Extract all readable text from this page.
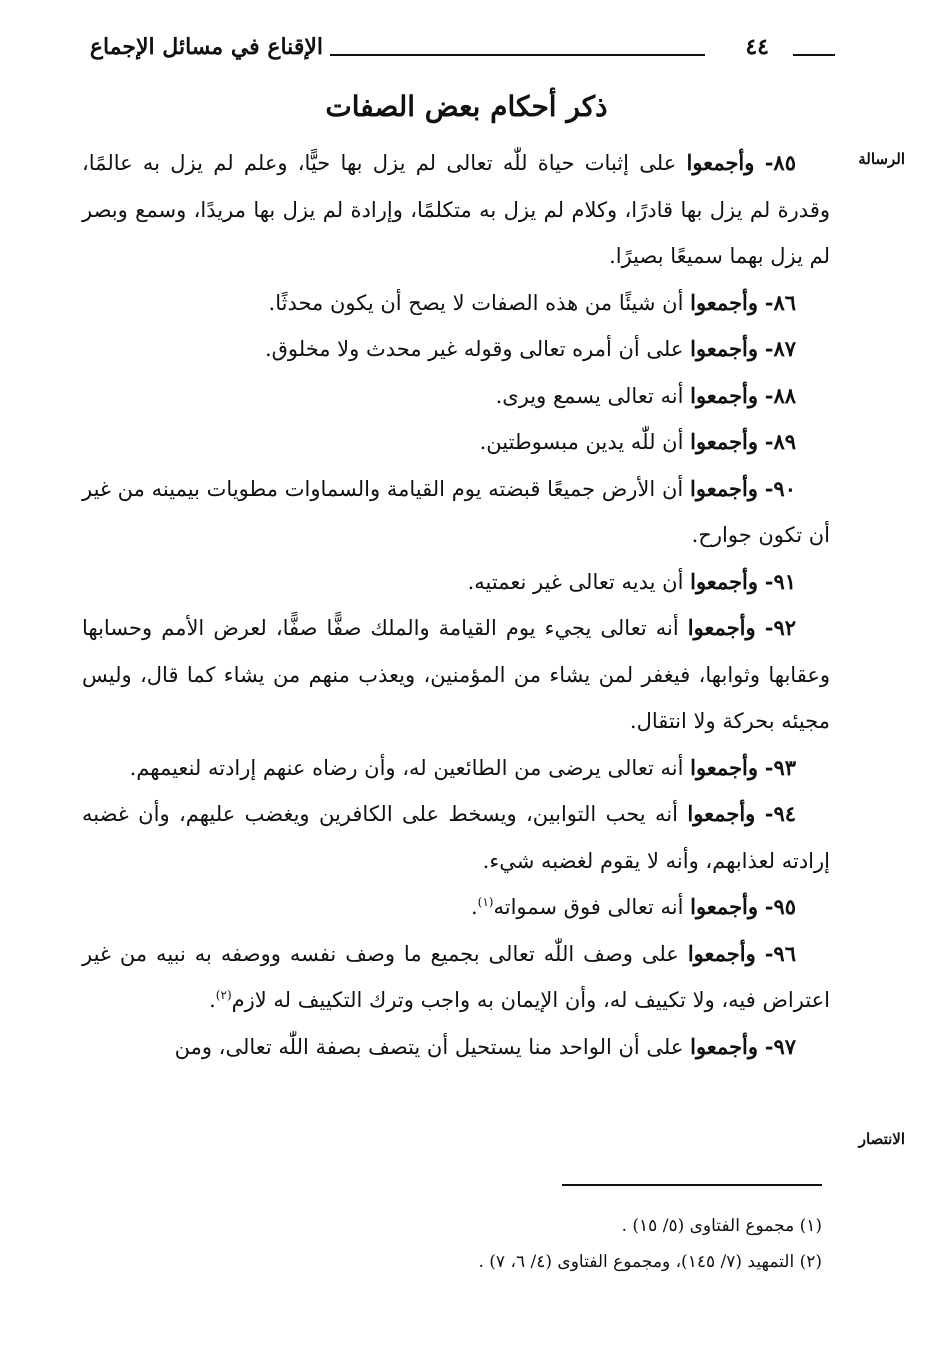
الإقناع في مسائل الإجماع	٤٤
ذكر أحكام بعض الصفات
الرسالة
الانتصار

٨٥- وأجمعوا على إثبات حياة للّٰه تعالى لم يزل بها حيًّا، وعلم لم يزل به عالمًا، وقدرة لم يزل بها قادرًا، وكلام لم يزل به متكلمًا، وإرادة لم يزل بها مريدًا، وسمع وبصر لم يزل بهما سميعًا بصيرًا.

٨٦- وأجمعوا أن شيئًا من هذه الصفات لا يصح أن يكون محدثًا.

٨٧- وأجمعوا على أن أمره تعالى وقوله غير محدث ولا مخلوق.

٨٨- وأجمعوا أنه تعالى يسمع ويرى.

٨٩- وأجمعوا أن للّٰه يدين مبسوطتين.

٩٠- وأجمعوا أن الأرض جميعًا قبضته يوم القيامة والسماوات مطويات بيمينه من غير أن تكون جوارح.

٩١- وأجمعوا أن يديه تعالى غير نعمتيه.

٩٢- وأجمعوا أنه تعالى يجيء يوم القيامة والملك صفًّا صفًّا، لعرض الأمم وحسابها وعقابها وثوابها، فيغفر لمن يشاء من المؤمنين، ويعذب منهم من يشاء كما قال، وليس مجيئه بحركة ولا انتقال.

٩٣- وأجمعوا أنه تعالى يرضى من الطائعين له، وأن رضاه عنهم إرادته لنعيمهم.

٩٤- وأجمعوا أنه يحب التوابين، ويسخط على الكافرين ويغضب عليهم، وأن غضبه إرادته لعذابهم، وأنه لا يقوم لغضبه شيء.

٩٥- وأجمعوا أنه تعالى فوق سمواته$^{(١)}$.

٩٦- وأجمعوا على وصف اللّٰه تعالى بجميع ما وصف نفسه ووصفه به نبيه من غير اعتراض فيه، ولا تكييف له، وأن الإيمان به واجب وترك التكييف له لازم$^{(٢)}$.

٩٧- وأجمعوا على أن الواحد منا يستحيل أن يتصف بصفة اللّٰه تعالى، ومن

(١) مجموع الفتاوى (٥/ ١٥) .
(٢) التمهيد (٧/ ١٤٥)، ومجموع الفتاوى (٤/ ٦، ٧) .
